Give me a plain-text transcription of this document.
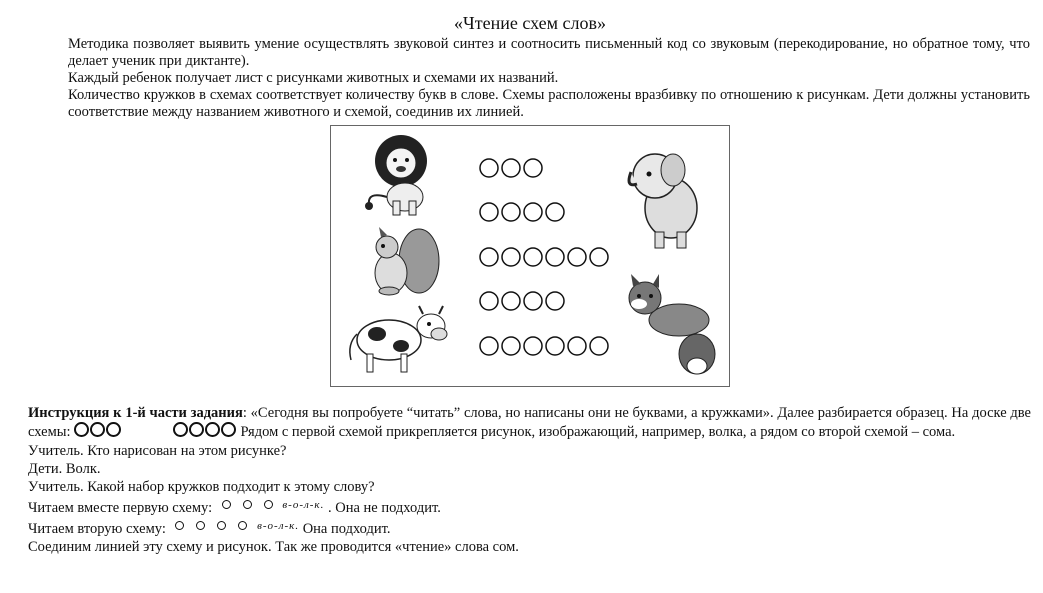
«Чтение схем слов»

Методика позволяет выявить умение осуществлять звуковой синтез и соотносить письменный код со звуковым (перекодирование, но обратное тому, что делает ученик при диктанте).

Каждый ребенок получает лист с рисунками животных и схемами их названий.

Количество кружков в схемах соответствует количеству букв в слове. Схемы расположены вразбивку по отношению к рисункам. Дети должны установить соответствие между названием животного и схемой, соединив их линией.

Инструкция к 1-й части задания: «Сегодня вы попробуете “читать” слова, но написаны они не буквами, а кружками». Далее разбирается образец. На доске две схемы:	Рядом с первой схемой прикрепляется рисунок, изображающий, например, волка, а рядом со второй схемой – сома.

Учитель. Кто нарисован на этом рисунке?

Дети. Волк.

Учитель. Какой набор кружков подходит к этому слову?

Читаем вместе первую схему:	$^{в-о-л-к.}$ . Она не подходит.

Читаем вторую схему:	$^{в-о-л-к.}$ Она подходит.

Соединим линией эту схему и рисунок. Так же проводится «чтение» слова сом.
